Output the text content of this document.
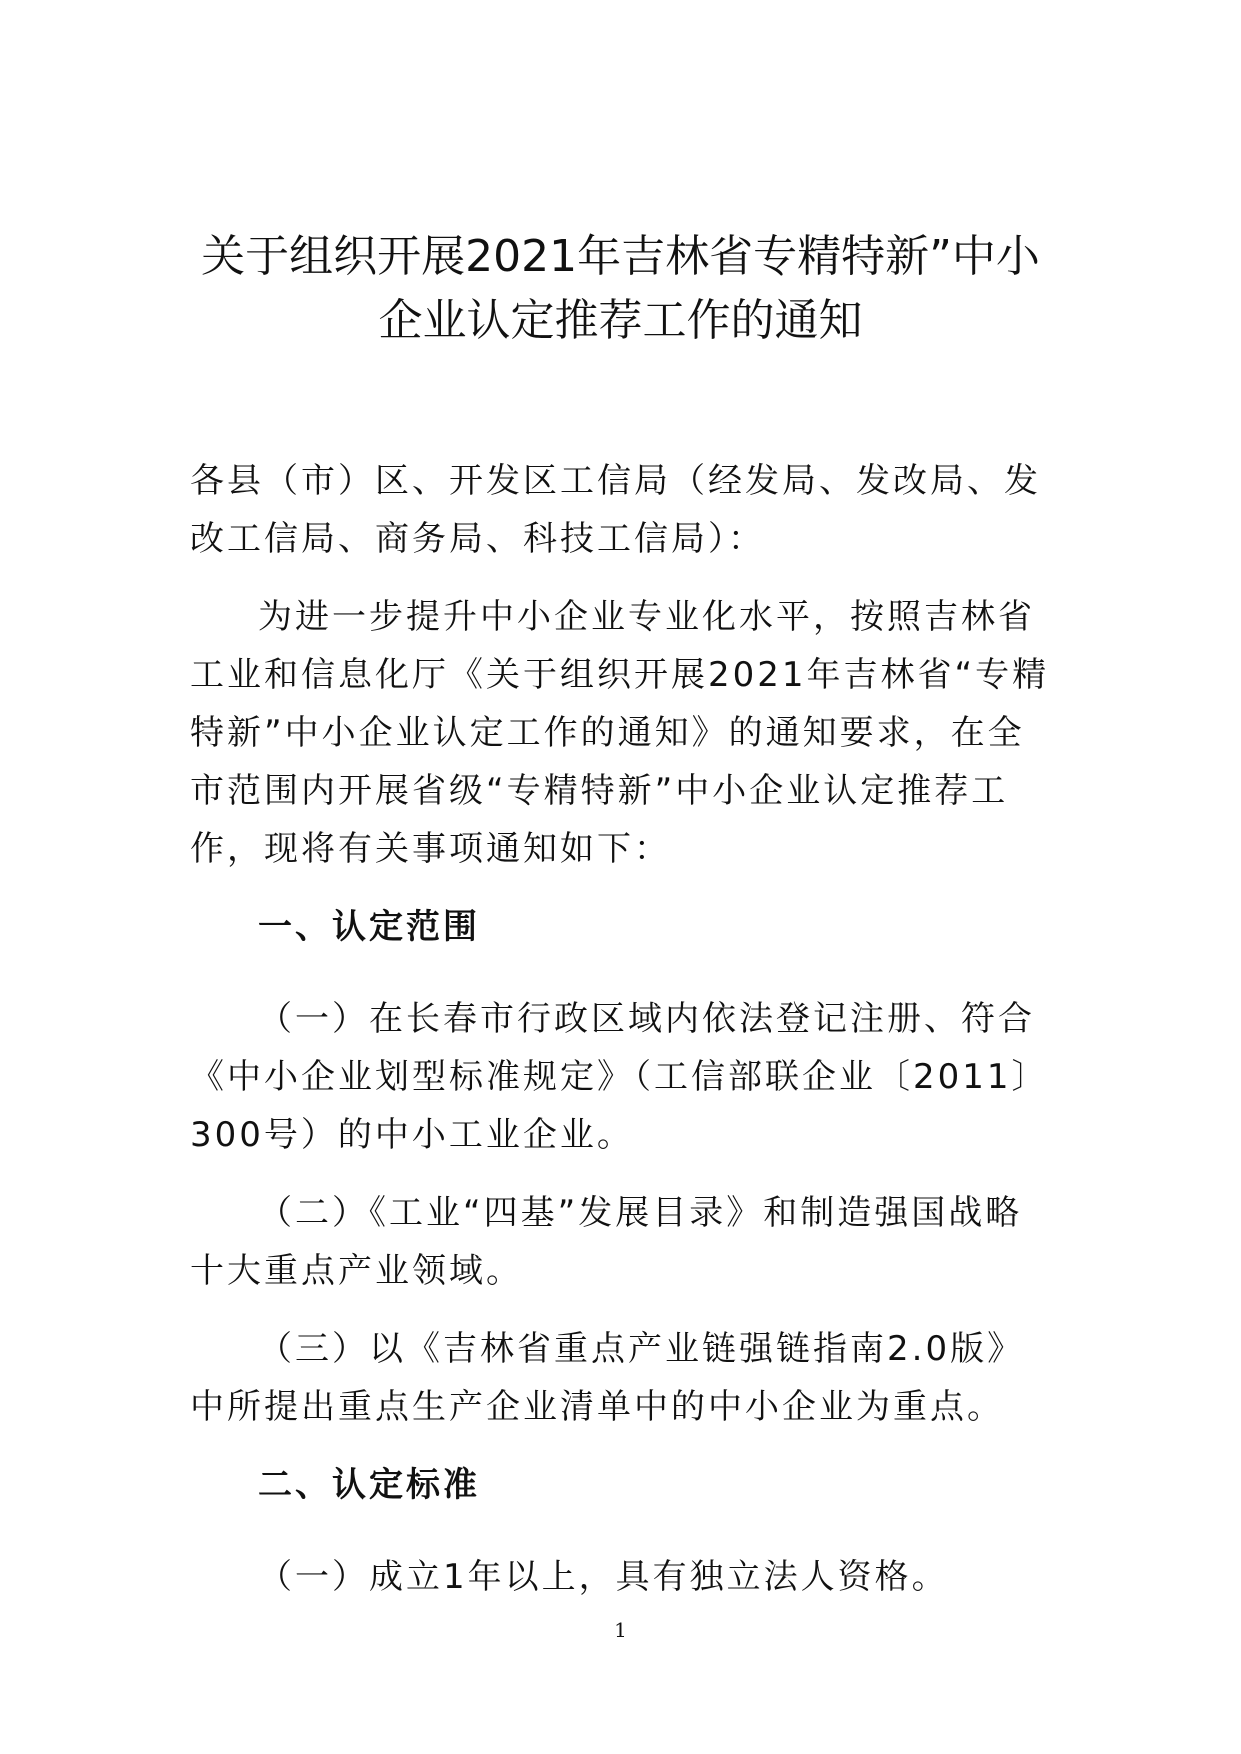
关于组织开展2021年吉林省专精特新”中小
企业认定推荐工作的通知

各县（市）区、开发区工信局（经发局、发改局、发改工信局、商务局、科技工信局）：

为进一步提升中小企业专业化水平，按照吉林省工业和信息化厅《关于组织开展2021年吉林省“专精特新”中小企业认定工作的通知》的通知要求，在全市范围内开展省级“专精特新”中小企业认定推荐工作，现将有关事项通知如下：

一、认定范围

（一）在长春市行政区域内依法登记注册、符合《中小企业划型标准规定》（工信部联企业〔2011〕300号）的中小工业企业。

（二）《工业“四基”发展目录》和制造强国战略十大重点产业领域。

（三）以《吉林省重点产业链强链指南2.0版》中所提出重点生产企业清单中的中小企业为重点。

二、认定标准

（一）成立1年以上，具有独立法人资格。

1
